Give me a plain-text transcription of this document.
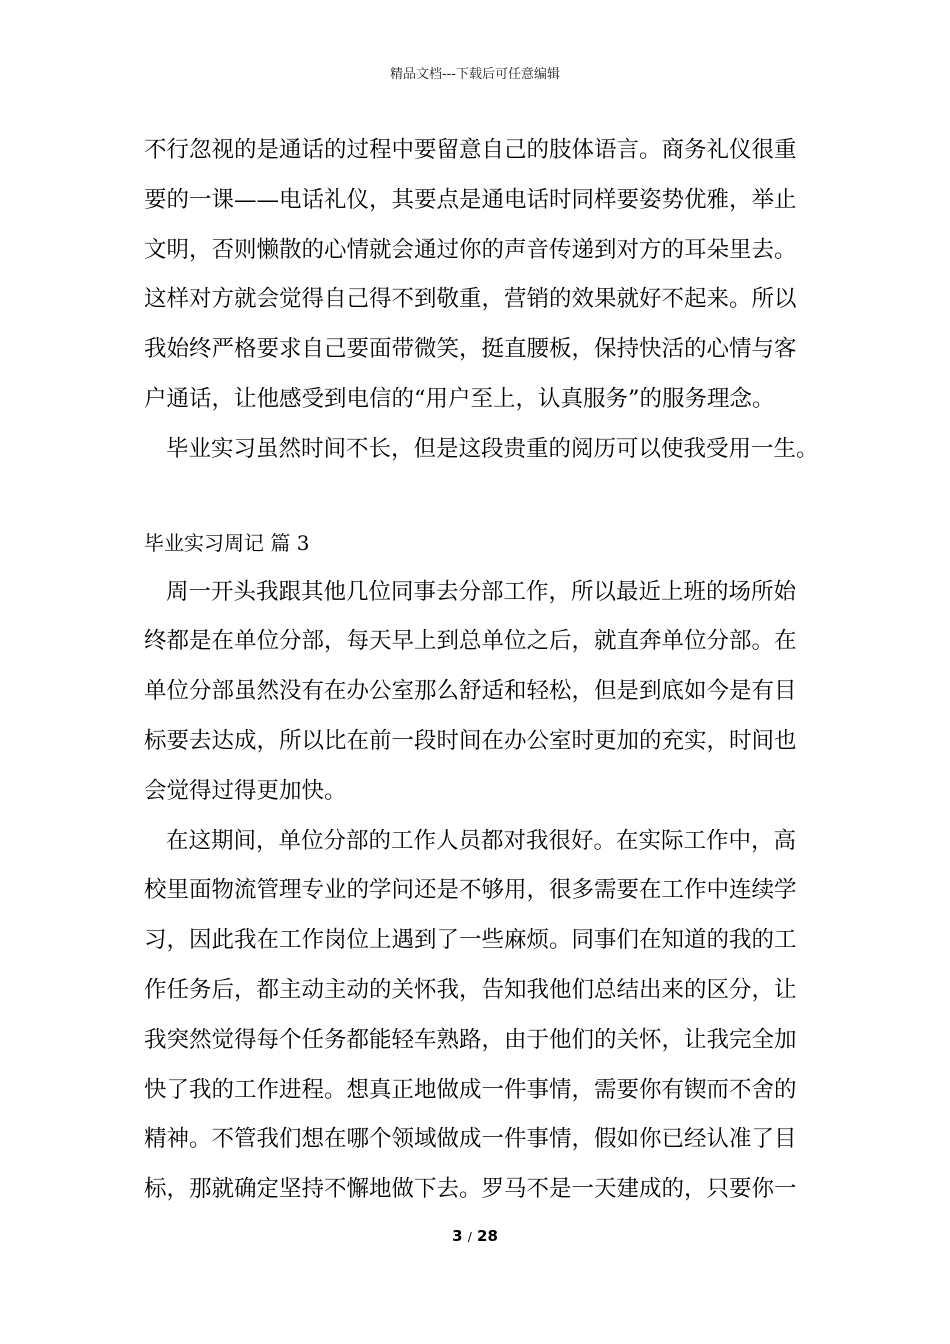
精品文档---下载后可任意编辑
不行忽视的是通话的过程中要留意自己的肢体语言。商务礼仪很重
要的一课——电话礼仪，其要点是通电话时同样要姿势优雅，举止
文明，否则懒散的心情就会通过你的声音传递到对方的耳朵里去。
这样对方就会觉得自己得不到敬重，营销的效果就好不起来。所以
我始终严格要求自己要面带微笑，挺直腰板，保持快活的心情与客
户通话，让他感受到电信的“用户至上，认真服务”的服务理念。
毕业实习虽然时间不长，但是这段贵重的阅历可以使我受用一生。
毕业实习周记 篇 3
周一开头我跟其他几位同事去分部工作，所以最近上班的场所始
终都是在单位分部，每天早上到总单位之后，就直奔单位分部。在
单位分部虽然没有在办公室那么舒适和轻松，但是到底如今是有目
标要去达成，所以比在前一段时间在办公室时更加的充实，时间也
会觉得过得更加快。
在这期间，单位分部的工作人员都对我很好。在实际工作中，高
校里面物流管理专业的学问还是不够用，很多需要在工作中连续学
习，因此我在工作岗位上遇到了一些麻烦。同事们在知道的我的工
作任务后，都主动主动的关怀我，告知我他们总结出来的区分，让
我突然觉得每个任务都能轻车熟路，由于他们的关怀，让我完全加
快了我的工作进程。想真正地做成一件事情，需要你有锲而不舍的
精神。不管我们想在哪个领域做成一件事情，假如你已经认准了目
标，那就确定坚持不懈地做下去。罗马不是一天建成的，只要你一
3 / 28
